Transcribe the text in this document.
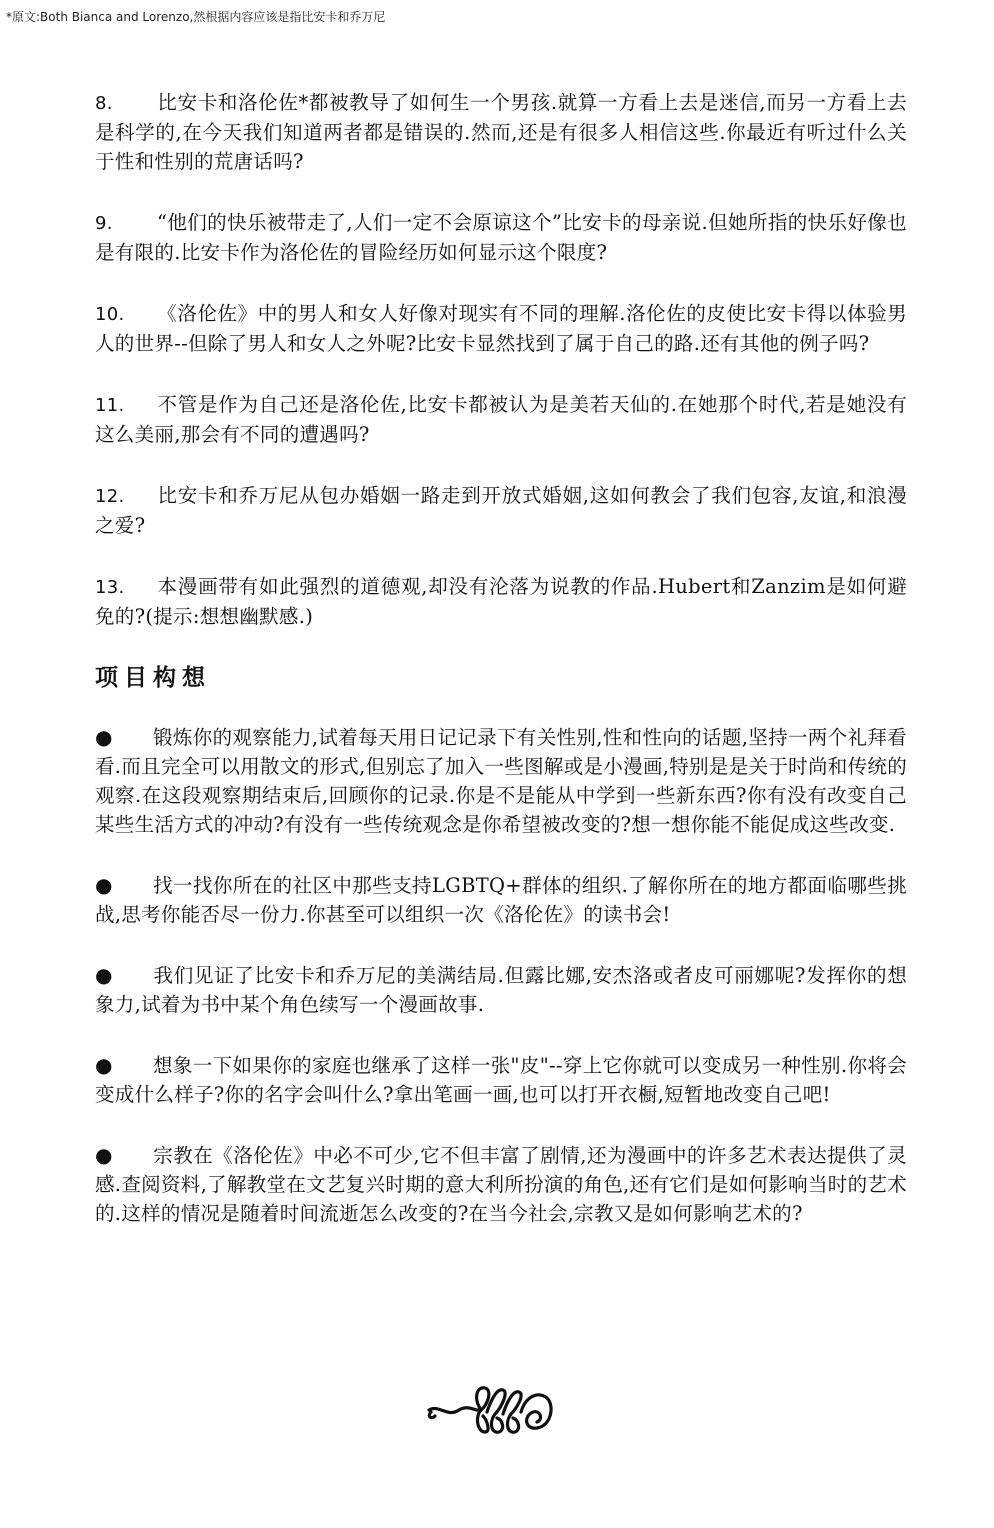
*原文:Both Bianca and Lorenzo,然根据内容应该是指比安卡和乔万尼
8. 比安卡和洛伦佐*都被教导了如何生一个男孩.就算一方看上去是迷信,而另一方看上去是科学的,在今天我们知道两者都是错误的.然而,还是有很多人相信这些.你最近有听过什么关于性和性别的荒唐话吗?
9. “他们的快乐被带走了,人们一定不会原谅这个”比安卡的母亲说.但她所指的快乐好像也是有限的.比安卡作为洛伦佐的冒险经历如何显示这个限度?
10. 《洛伦佐》中的男人和女人好像对现实有不同的理解.洛伦佐的皮使比安卡得以体验男人的世界--但除了男人和女人之外呢?比安卡显然找到了属于自己的路.还有其他的例子吗?
11. 不管是作为自己还是洛伦佐,比安卡都被认为是美若天仙的.在她那个时代,若是她没有这么美丽,那会有不同的遭遇吗?
12. 比安卡和乔万尼从包办婚姻一路走到开放式婚姻,这如何教会了我们包容,友谊,和浪漫之爱?
13. 本漫画带有如此强烈的道德观,却没有沦落为说教的作品.Hubert和Zanzim是如何避免的?(提示:想想幽默感.)
项目构想
● 锻炼你的观察能力,试着每天用日记记录下有关性别,性和性向的话题,坚持一两个礼拜看看.而且完全可以用散文的形式,但别忘了加入一些图解或是小漫画,特别是是关于时尚和传统的观察.在这段观察期结束后,回顾你的记录.你是不是能从中学到一些新东西?你有没有改变自己某些生活方式的冲动?有没有一些传统观念是你希望被改变的?想一想你能不能促成这些改变.
● 找一找你所在的社区中那些支持LGBTQ+群体的组织.了解你所在的地方都面临哪些挑战,思考你能否尽一份力.你甚至可以组织一次《洛伦佐》的读书会!
● 我们见证了比安卡和乔万尼的美满结局.但露比娜,安杰洛或者皮可丽娜呢?发挥你的想象力,试着为书中某个角色续写一个漫画故事.
● 想象一下如果你的家庭也继承了这样一张"皮"--穿上它你就可以变成另一种性别.你将会变成什么样子?你的名字会叫什么?拿出笔画一画,也可以打开衣橱,短暂地改变自己吧!
● 宗教在《洛伦佐》中必不可少,它不但丰富了剧情,还为漫画中的许多艺术表达提供了灵感.查阅资料,了解教堂在文艺复兴时期的意大利所扮演的角色,还有它们是如何影响当时的艺术的.这样的情况是随着时间流逝怎么改变的?在当今社会,宗教又是如何影响艺术的?
